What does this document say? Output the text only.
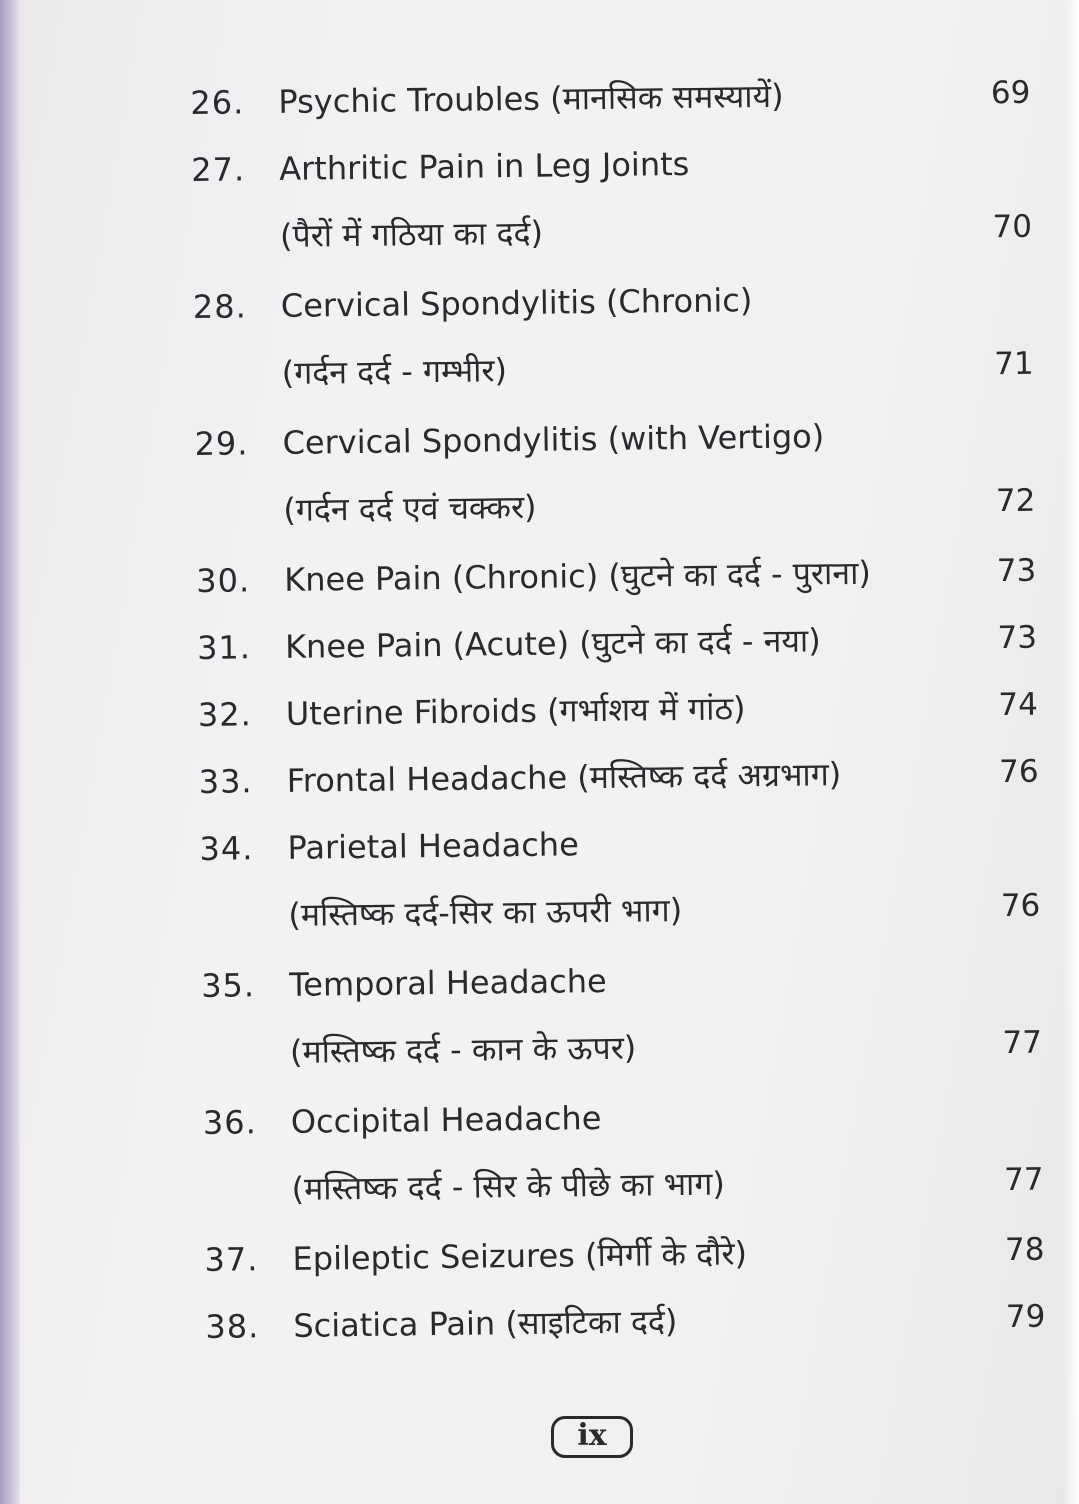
26. Psychic Troubles (मानसिक समस्यायें)	69
27. Arthritic Pain in Leg Joints
(पैरों में गठिया का दर्द)	70
28. Cervical Spondylitis (Chronic)
(गर्दन दर्द - गम्भीर)	71
29. Cervical Spondylitis (with Vertigo)
(गर्दन दर्द एवं चक्कर)	72
30. Knee Pain (Chronic) (घुटने का दर्द - पुराना)	73
31. Knee Pain (Acute) (घुटने का दर्द - नया)	73
32. Uterine Fibroids (गर्भाशय में गांठ)	74
33. Frontal Headache (मस्तिष्क दर्द अग्रभाग)	76
34. Parietal Headache
(मस्तिष्क दर्द-सिर का ऊपरी भाग)	76
35. Temporal Headache
(मस्तिष्क दर्द - कान के ऊपर)	77
36. Occipital Headache
(मस्तिष्क दर्द - सिर के पीछे का भाग)	77
37. Epileptic Seizures (मिर्गी के दौरे)	78
38. Sciatica Pain (साइटिका दर्द)	79
ix
